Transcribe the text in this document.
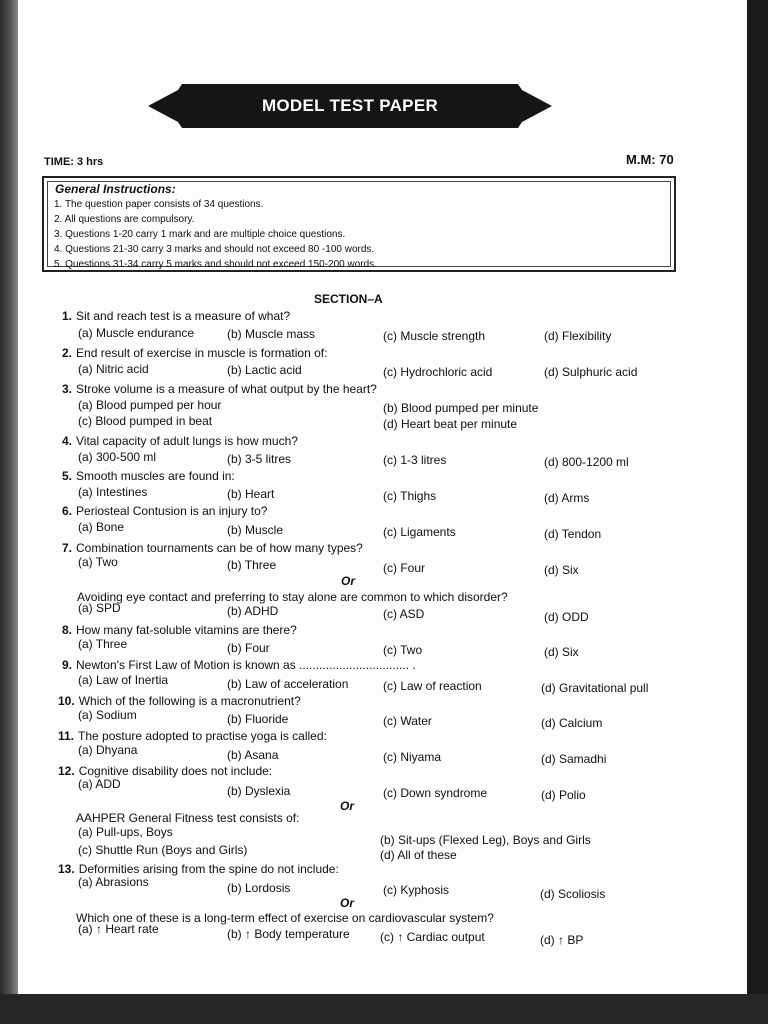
MODEL TEST PAPER
TIME: 3 hrs	M.M: 70
General Instructions:
1. The question paper consists of 34 questions.
2. All questions are compulsory.
3. Questions 1-20 carry 1 mark and are multiple choice questions.
4. Questions 21-30 carry 3 marks and should not exceed 80 -100 words.
5. Questions 31-34 carry 5 marks and should not exceed 150-200 words.
SECTION–A
1. Sit and reach test is a measure of what?
(a) Muscle endurance	(b) Muscle mass	(c) Muscle strength	(d) Flexibility
2. End result of exercise in muscle is formation of:
(a) Nitric acid	(b) Lactic acid	(c) Hydrochloric acid	(d) Sulphuric acid
3. Stroke volume is a measure of what output by the heart?
(a) Blood pumped per hour	(b) Blood pumped per minute
(c) Blood pumped in beat	(d) Heart beat per minute
4. Vital capacity of adult lungs is how much?
(a) 300-500 ml	(b) 3-5 litres	(c) 1-3 litres	(d) 800-1200 ml
5. Smooth muscles are found in:
(a) Intestines	(b) Heart	(c) Thighs	(d) Arms
6. Periosteal Contusion is an injury to?
(a) Bone	(b) Muscle	(c) Ligaments	(d) Tendon
7. Combination tournaments can be of how many types?
(a) Two	(b) Three	(c) Four	(d) Six
Or
Avoiding eye contact and preferring to stay alone are common to which disorder?
(a) SPD	(b) ADHD	(c) ASD	(d) ODD
8. How many fat-soluble vitamins are there?
(a) Three	(b) Four	(c) Two	(d) Six
9. Newton's First Law of Motion is known as ................................. .
(a) Law of Inertia	(b) Law of acceleration	(c) Law of reaction	(d) Gravitational pull
10. Which of the following is a macronutrient?
(a) Sodium	(b) Fluoride	(c) Water	(d) Calcium
11. The posture adopted to practise yoga is called:
(a) Dhyana	(b) Asana	(c) Niyama	(d) Samadhi
12. Cognitive disability does not include:
(a) ADD	(b) Dyslexia	(c) Down syndrome	(d) Polio
Or
AAHPER General Fitness test consists of:
(a) Pull-ups, Boys
(b) Sit-ups (Flexed Leg), Boys and Girls
(c) Shuttle Run (Boys and Girls)	(d) All of these
13. Deformities arising from the spine do not include:
(a) Abrasions	(b) Lordosis	(c) Kyphosis	(d) Scoliosis
Or
Which one of these is a long-term effect of exercise on cardiovascular system?
(a) ↑ Heart rate	(b) ↑ Body temperature	(c) ↑ Cardiac output	(d) ↑ BP
